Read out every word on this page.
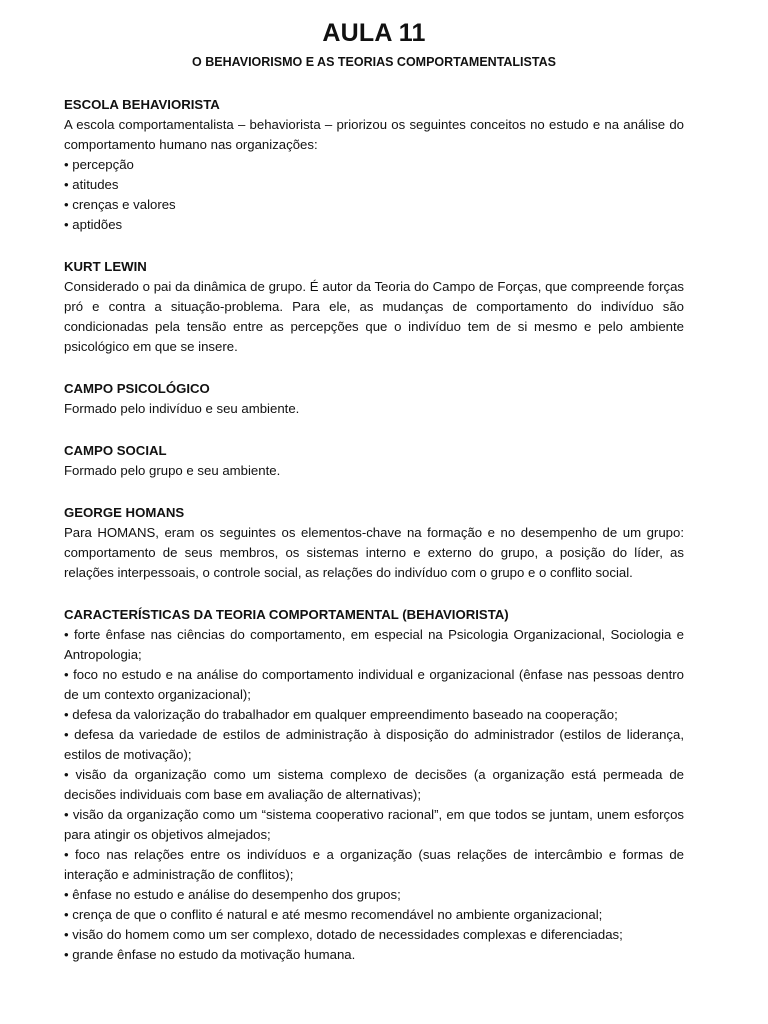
AULA 11
O BEHAVIORISMO E AS TEORIAS COMPORTAMENTALISTAS
ESCOLA BEHAVIORISTA

A escola comportamentalista – behaviorista – priorizou os seguintes conceitos no estudo e na análise do comportamento humano nas organizações:

• percepção
• atitudes
• crenças e valores
• aptidões
KURT LEWIN

Considerado o pai da dinâmica de grupo. É autor da Teoria do Campo de Forças, que compreende forças pró e contra a situação-problema. Para ele, as mudanças de comportamento do indivíduo são condicionadas pela tensão entre as percepções que o indivíduo tem de si mesmo e pelo ambiente psicológico em que se insere.

CAMPO PSICOLÓGICO

Formado pelo indivíduo e seu ambiente.

CAMPO SOCIAL

Formado pelo grupo e seu ambiente.

GEORGE HOMANS

Para HOMANS, eram os seguintes os elementos-chave na formação e no desempenho de um grupo: comportamento de seus membros, os sistemas interno e externo do grupo, a posição do líder, as relações interpessoais, o controle social, as relações do indivíduo com o grupo e o conflito social.

CARACTERÍSTICAS DA TEORIA COMPORTAMENTAL (BEHAVIORISTA)
• forte ênfase nas ciências do comportamento, em especial na Psicologia Organizacional, Sociologia e Antropologia;
• foco no estudo e na análise do comportamento individual e organizacional (ênfase nas pessoas dentro de um contexto organizacional);
• defesa da valorização do trabalhador em qualquer empreendimento baseado na cooperação;
• defesa da variedade de estilos de administração à disposição do administrador (estilos de liderança, estilos de motivação);
• visão da organização como um sistema complexo de decisões (a organização está permeada de decisões individuais com base em avaliação de alternativas);
• visão da organização como um “sistema cooperativo racional”, em que todos se juntam, unem esforços para atingir os objetivos almejados;
• foco nas relações entre os indivíduos e a organização (suas relações de intercâmbio e formas de interação e administração de conflitos);
• ênfase no estudo e análise do desempenho dos grupos;
• crença de que o conflito é natural e até mesmo recomendável no ambiente organizacional;
• visão do homem como um ser complexo, dotado de necessidades complexas e diferenciadas;
• grande ênfase no estudo da motivação humana.
